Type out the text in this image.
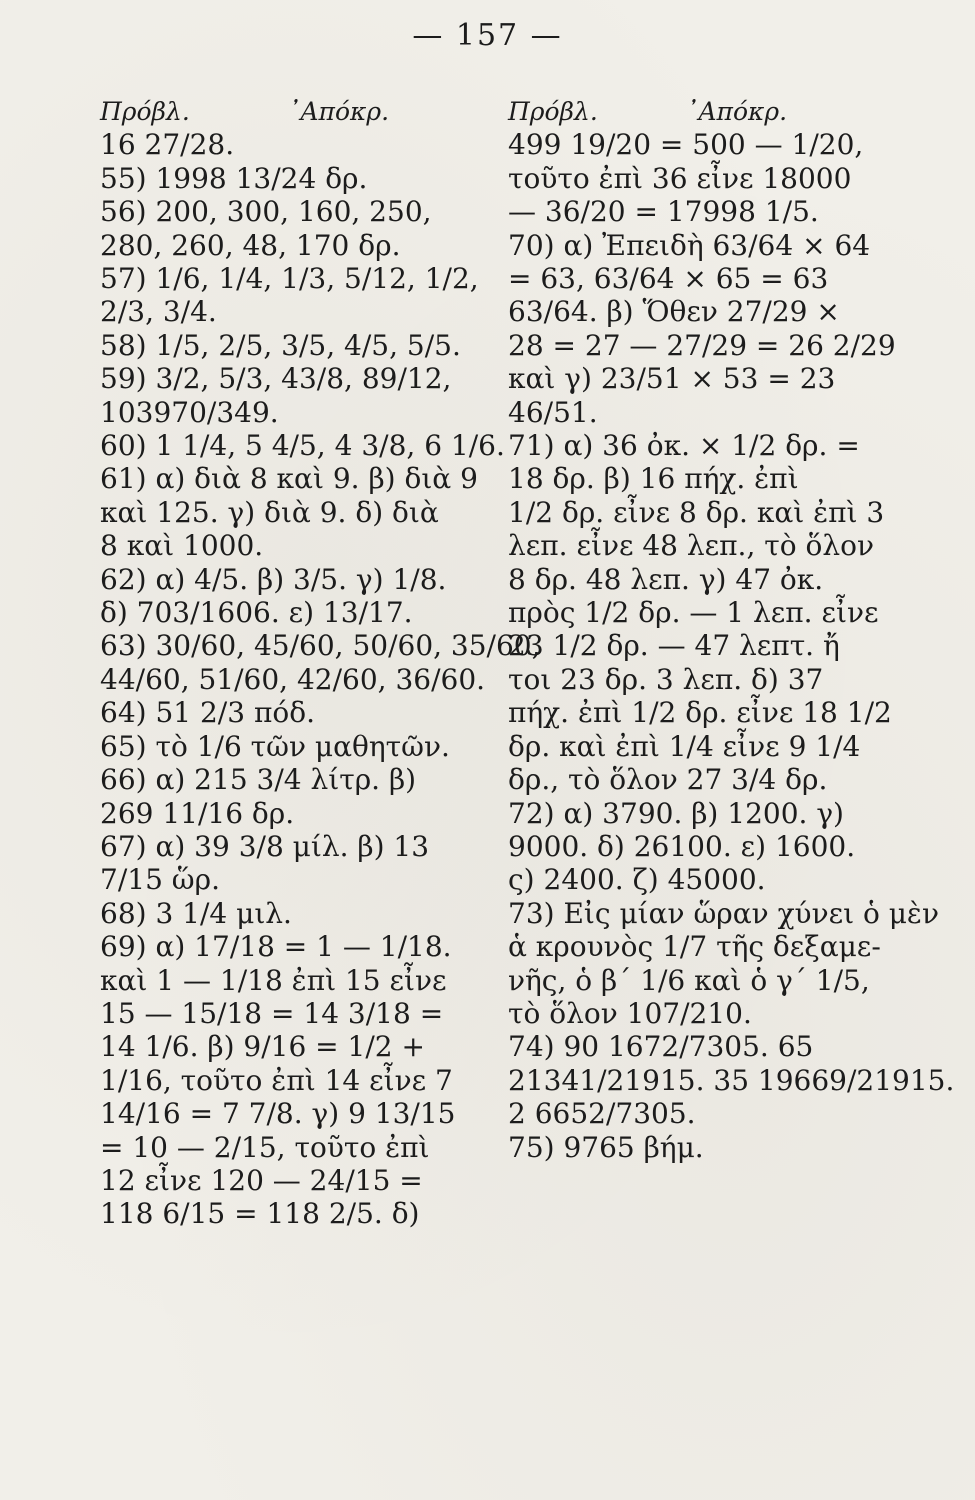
— 157 —
Πρόβλ.	᾿Απόκρ.
16 27/28.
55) 1998 13/24 δρ.
56) 200, 300, 160, 250,
280, 260, 48, 170 δρ.
57) 1/6, 1/4, 1/3, 5/12, 1/2,
2/3, 3/4.
58) 1/5, 2/5, 3/5, 4/5, 5/5.
59) 3/2, 5/3, 43/8, 89/12,
103970/349.
60) 1 1/4, 5 4/5, 4 3/8, 6 1/6.
61) α) διὰ 8 καὶ 9. β) διὰ 9
καὶ 125. γ) διὰ 9. δ) διὰ
8 καὶ 1000.
62) α) 4/5. β) 3/5. γ) 1/8.
δ) 703/1606. ε) 13/17.
63) 30/60, 45/60, 50/60, 35/60,
44/60, 51/60, 42/60, 36/60.
64) 51 2/3 πόδ.
65) τὸ 1/6 τῶν μαθητῶν.
66) α) 215 3/4 λίτρ. β)
269 11/16 δρ.
67) α) 39 3/8 μίλ. β) 13
7/15 ὥρ.
68) 3 1/4 μιλ.
69) α) 17/18 = 1 — 1/18.
καὶ 1 — 1/18 ἐπὶ 15 εἶνε
15 — 15/18 = 14 3/18 =
14 1/6. β) 9/16 = 1/2 +
1/16, τοῦτο ἐπὶ 14 εἶνε 7
14/16 = 7 7/8. γ) 9 13/15
= 10 — 2/15, τοῦτο ἐπὶ
12 εἶνε 120 — 24/15 =
118 6/15 = 118 2/5. δ)
Πρόβλ.	᾿Απόκρ.
499 19/20 = 500 — 1/20,
τοῦτο ἐπὶ 36 εἶνε 18000
— 36/20 = 17998 1/5.
70) α) Ἐπειδὴ 63/64 × 64
= 63, 63/64 × 65 = 63
63/64. β) Ὅθεν 27/29 ×
28 = 27 — 27/29 = 26 2/29
καὶ γ) 23/51 × 53 = 23
46/51.
71) α) 36 ὀκ. × 1/2 δρ. =
18 δρ. β) 16 πήχ. ἐπὶ
1/2 δρ. εἶνε 8 δρ. καὶ ἐπὶ 3
λεπ. εἶνε 48 λεπ., τὸ ὅλον
8 δρ. 48 λεπ. γ) 47 ὀκ.
πρὸς 1/2 δρ. — 1 λεπ. εἶνε
23 1/2 δρ. — 47 λεπτ. ἤ
τοι 23 δρ. 3 λεπ. δ) 37
πήχ. ἐπὶ 1/2 δρ. εἶνε 18 1/2
δρ. καὶ ἐπὶ 1/4 εἶνε 9 1/4
δρ., τὸ ὅλον 27 3/4 δρ.
72) α) 3790. β) 1200. γ)
9000. δ) 26100. ε) 1600.
ς) 2400. ζ) 45000.
73) Εἰς μίαν ὥραν χύνει ὁ μὲν
ἁ κρουνὸς 1/7 τῆς δεξαμε-
νῆς, ὁ β΄ 1/6 καὶ ὁ γ΄ 1/5,
τὸ ὅλον 107/210.
74) 90 1672/7305. 65
21341/21915. 35 19669/21915.
2 6652/7305.
75) 9765 βήμ.
